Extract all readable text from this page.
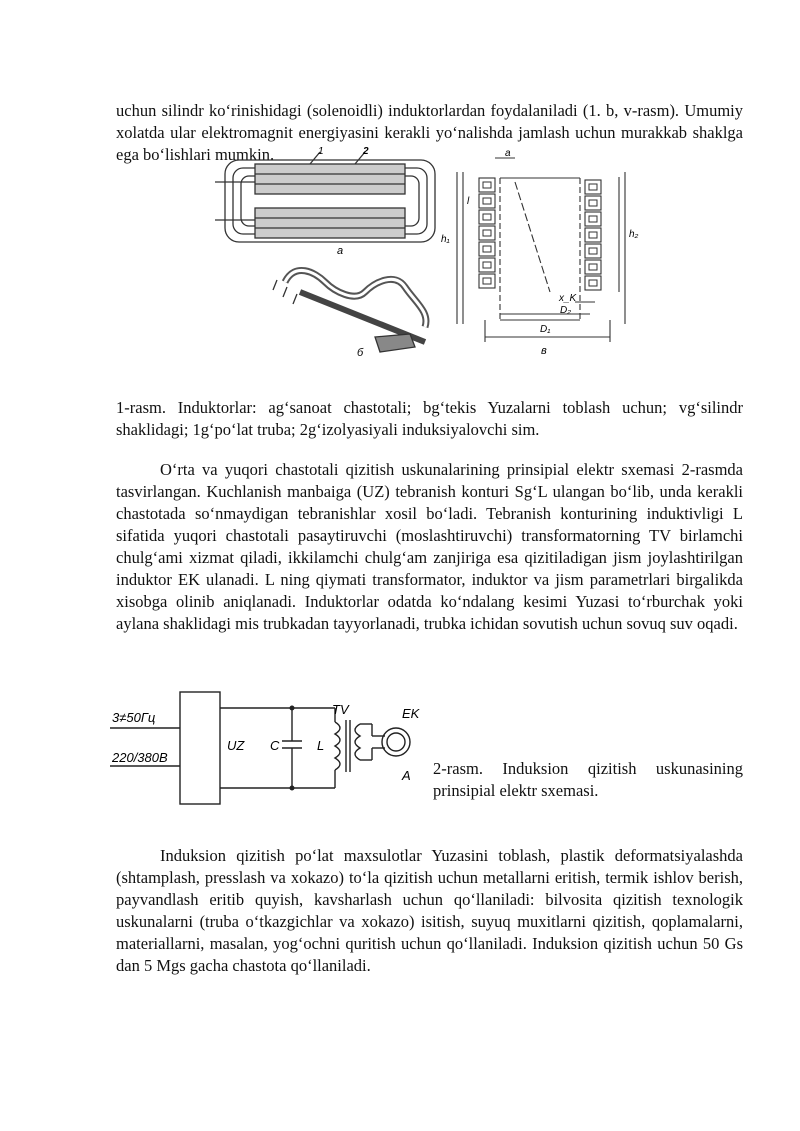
uchun silindr ko‘rinishidagi (solenoidli) induktorlardan foydalaniladi (1. b, v-rasm). Umumiy xolatda ular elektromagnit energiyasini kerakli yo‘nalishda jamlash uchun murakkab shaklga ega bo‘lishlari mumkin.	1	2
a
б
a
l
h₁	h₂
D₂
x_K
D₁
в

1-rasm. Induktorlar: ag‘sanoat chastotali; bg‘tekis Yuzalarni toblash uchun; vg‘silindr shaklidagi; 1g‘po‘lat truba; 2g‘izolyasiyali induksiyalovchi sim.

O‘rta va yuqori chastotali qizitish uskunalarining prinsipial elektr sxemasi 2-rasmda tasvirlangan. Kuchlanish manbaiga (UZ) tebranish konturi Sg‘L ulangan bo‘lib, unda kerakli chastotada so‘nmaydigan tebranishlar xosil bo‘ladi. Tebranish konturining induktivligi L sifatida yuqori chastotali pasaytiruvchi (moslashtiruvchi) transformatorning TV birlamchi chulg‘ami xizmat qiladi, ikkilamchi chulg‘am zanjiriga esa qizitiladigan jism joylashtirilgan induktor EK ulanadi. L ning qiymati transformator, induktor va jism parametrlari birgalikda xisobga olinib aniqlanadi. Induktorlar odatda ko‘ndalang kesimi Yuzasi to‘rburchak yoki aylana shaklidagi mis trubkadan tayyorlanadi, trubka ichidan sovutish uchun sovuq suv oqadi.

3≠50Гц
220/380В
UZ C	L
TV	EK
A 2-rasm. Induksion qizitish uskunasining prinsipial elektr sxemasi.

Induksion qizitish po‘lat maxsulotlar Yuzasini toblash, plastik deformatsiyalashda (shtamplash, presslash va xokazo) to‘la qizitish uchun metallarni eritish, termik ishlov berish, payvandlash eritib quyish, kavsharlash uchun qo‘llaniladi: bilvosita qizitish texnologik uskunalarni (truba o‘tkazgichlar va xokazo) isitish, suyuq muxitlarni qizitish, qoplamalarni, materiallarni, masalan, yog‘ochni quritish uchun qo‘llaniladi. Induksion qizitish uchun 50 Gs dan 5 Mgs gacha chastota qo‘llaniladi.
